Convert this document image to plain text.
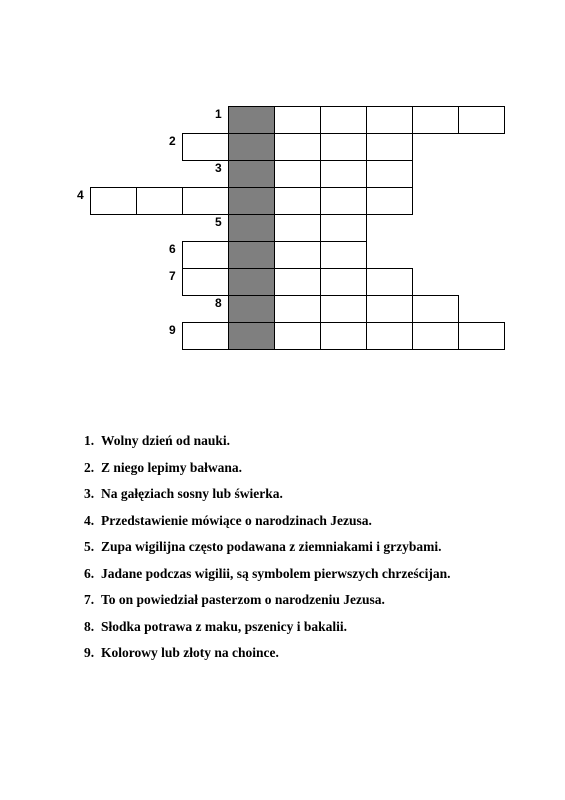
1
2
3
4
5
6
7
8
9
1. Wolny dzień od nauki.
2. Z niego lepimy bałwana.
3. Na gałęziach sosny lub świerka.
4. Przedstawienie mówiące o narodzinach Jezusa.
5. Zupa wigilijna często podawana z ziemniakami i grzybami.
6. Jadane podczas wigilii, są symbolem pierwszych chrześcijan.
7. To on powiedział pasterzom o narodzeniu Jezusa.
8. Słodka potrawa z maku, pszenicy i bakalii.
9. Kolorowy lub złoty na choince.
